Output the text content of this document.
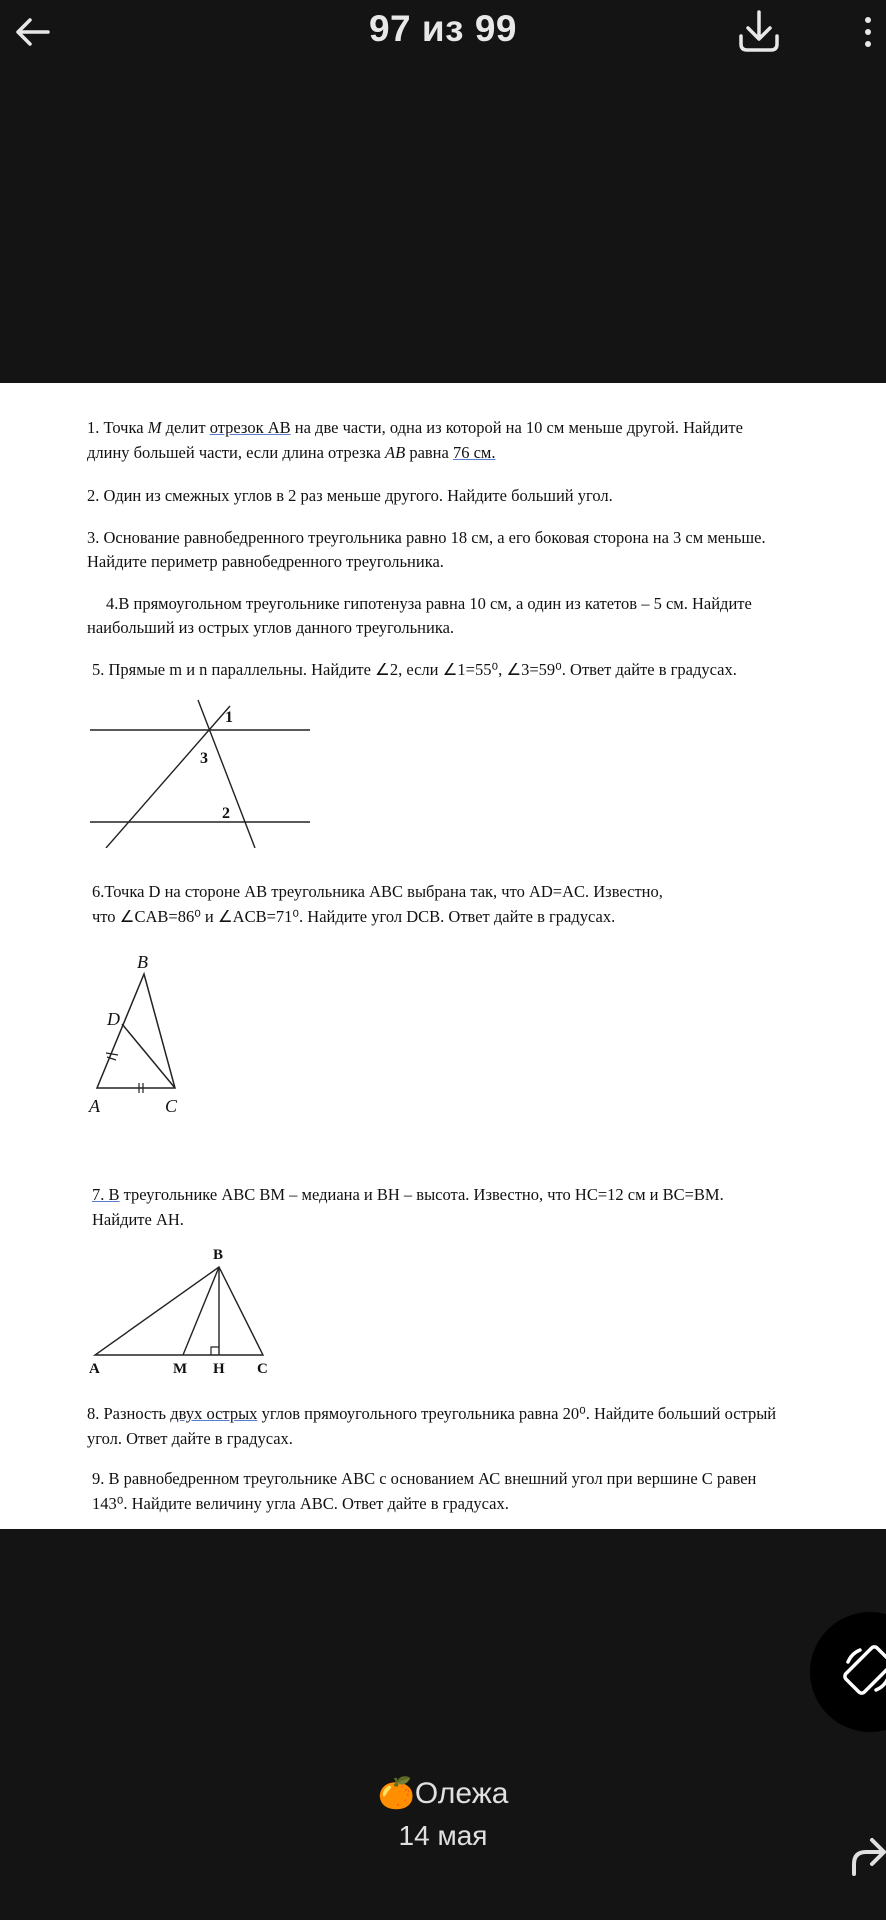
97 из 99

1. Точка M делит отрезок AB на две части, одна из которой на 10 см меньше другой. Найдите

длину большей части, если длина отрезка AB равна 76 см.

2. Один из смежных углов в 2 раз меньше другого. Найдите больший угол.

3. Основание равнобедренного треугольника равно 18 см, а его боковая сторона на 3 см меньше.

Найдите периметр равнобедренного треугольника.

4.В прямоугольном треугольнике гипотенуза равна 10 см, а один из катетов – 5 см. Найдите

наибольший из острых углов данного треугольника.

5. Прямые m и n параллельны. Найдите ∠2, если ∠1=55⁰, ∠3=59⁰. Ответ дайте в градусах.

1
3
2

6.Точка D на стороне AB треугольника ABC выбрана так, что AD=AC. Известно,

что ∠CAB=86⁰ и ∠ACB=71⁰. Найдите угол DCB. Ответ дайте в градусах.

B
D
A	C

7. В треугольнике ABC BM – медиана и BH – высота. Известно, что HC=12 см и BC=BM.

Найдите AH.

B
A	M H C

8. Разность двух острых углов прямоугольного треугольника равна 20⁰. Найдите больший острый

угол. Ответ дайте в градусах.

9. В равнобедренном треугольнике АВС с основанием АС внешний угол при вершине С равен

143⁰. Найдите величину угла АВС. Ответ дайте в градусах.

🍊Олежа
14 мая
